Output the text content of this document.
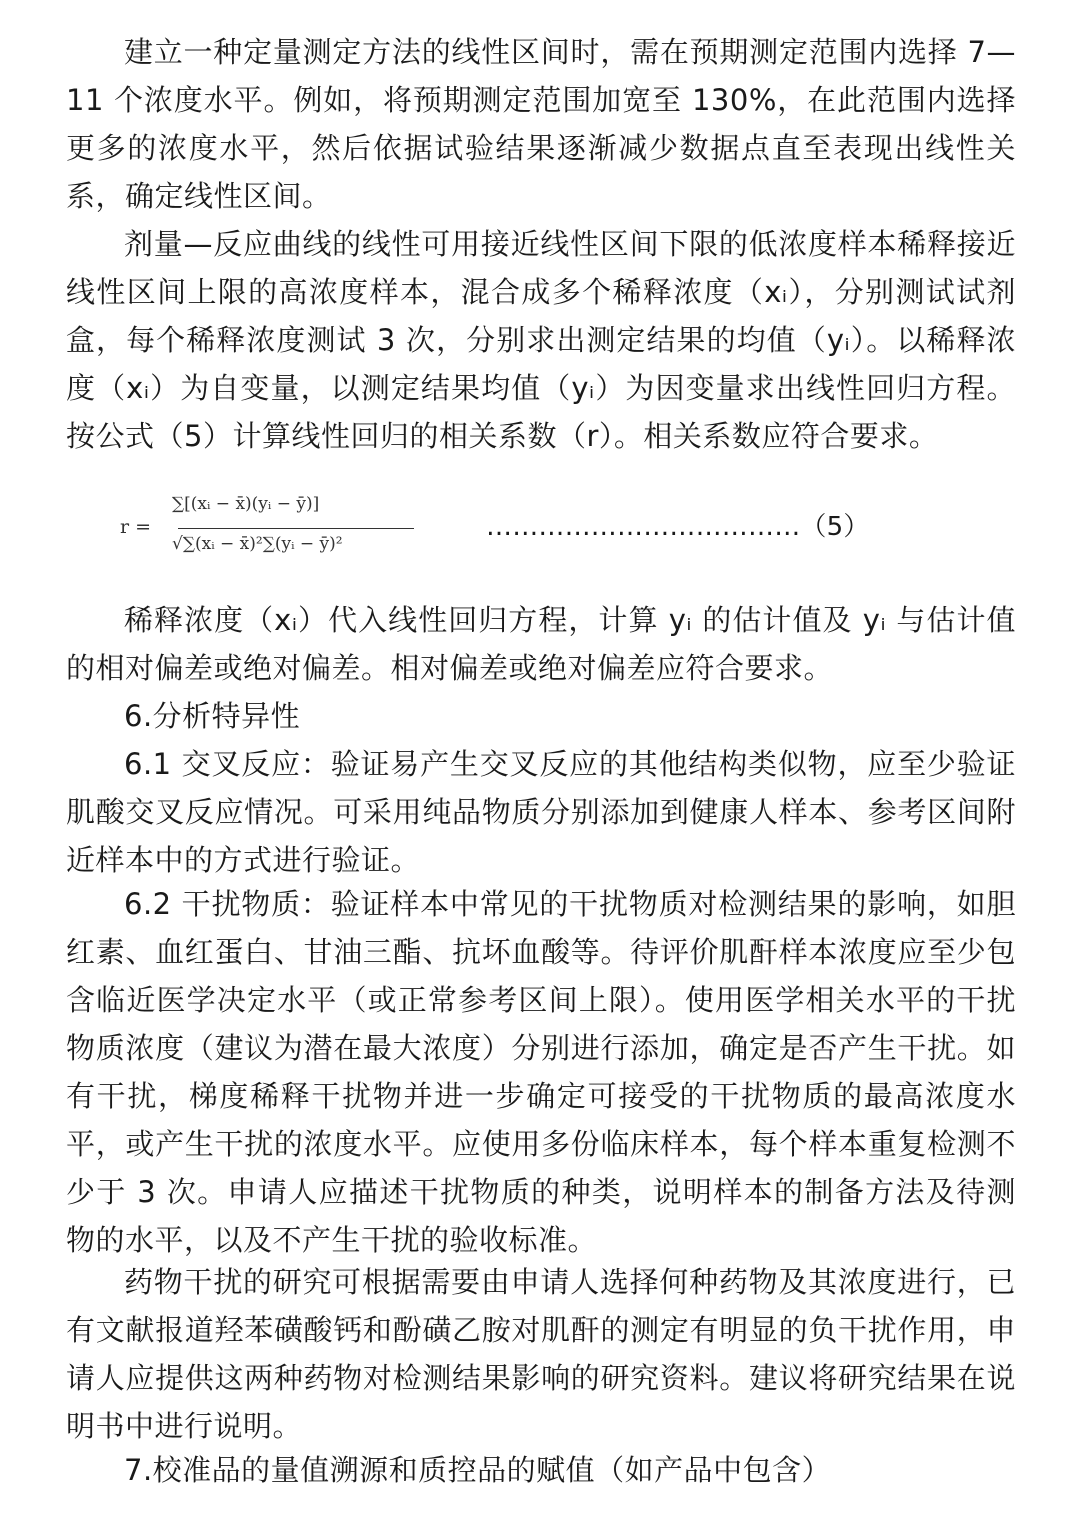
建立一种定量测定方法的线性区间时，需在预期测定范围内选择 7—11 个浓度水平。例如，将预期测定范围加宽至 130%，在此范围内选择更多的浓度水平，然后依据试验结果逐渐减少数据点直至表现出线性关系，确定线性区间。

剂量—反应曲线的线性可用接近线性区间下限的低浓度样本稀释接近线性区间上限的高浓度样本，混合成多个稀释浓度（xᵢ），分别测试试剂盒，每个稀释浓度测试 3 次，分别求出测定结果的均值（yᵢ）。以稀释浓度（xᵢ）为自变量，以测定结果均值（yᵢ）为因变量求出线性回归方程。按公式（5）计算线性回归的相关系数（r）。相关系数应符合要求。

r =
∑[(xᵢ − x̄)(yᵢ − ȳ)]
√∑(xᵢ − x̄)²∑(yᵢ − ȳ)²
………………………………（5）

稀释浓度（xᵢ）代入线性回归方程，计算 yᵢ 的估计值及 yᵢ 与估计值的相对偏差或绝对偏差。相对偏差或绝对偏差应符合要求。

6.分析特异性

6.1 交叉反应：验证易产生交叉反应的其他结构类似物，应至少验证肌酸交叉反应情况。可采用纯品物质分别添加到健康人样本、参考区间附近样本中的方式进行验证。

6.2 干扰物质：验证样本中常见的干扰物质对检测结果的影响，如胆红素、血红蛋白、甘油三酯、抗坏血酸等。待评价肌酐样本浓度应至少包含临近医学决定水平（或正常参考区间上限）。使用医学相关水平的干扰物质浓度（建议为潜在最大浓度）分别进行添加，确定是否产生干扰。如有干扰，梯度稀释干扰物并进一步确定可接受的干扰物质的最高浓度水平，或产生干扰的浓度水平。应使用多份临床样本，每个样本重复检测不少于 3 次。申请人应描述干扰物质的种类，说明样本的制备方法及待测物的水平，以及不产生干扰的验收标准。

药物干扰的研究可根据需要由申请人选择何种药物及其浓度进行，已有文献报道羟苯磺酸钙和酚磺乙胺对肌酐的测定有明显的负干扰作用，申请人应提供这两种药物对检测结果影响的研究资料。建议将研究结果在说明书中进行说明。

7.校准品的量值溯源和质控品的赋值（如产品中包含）
